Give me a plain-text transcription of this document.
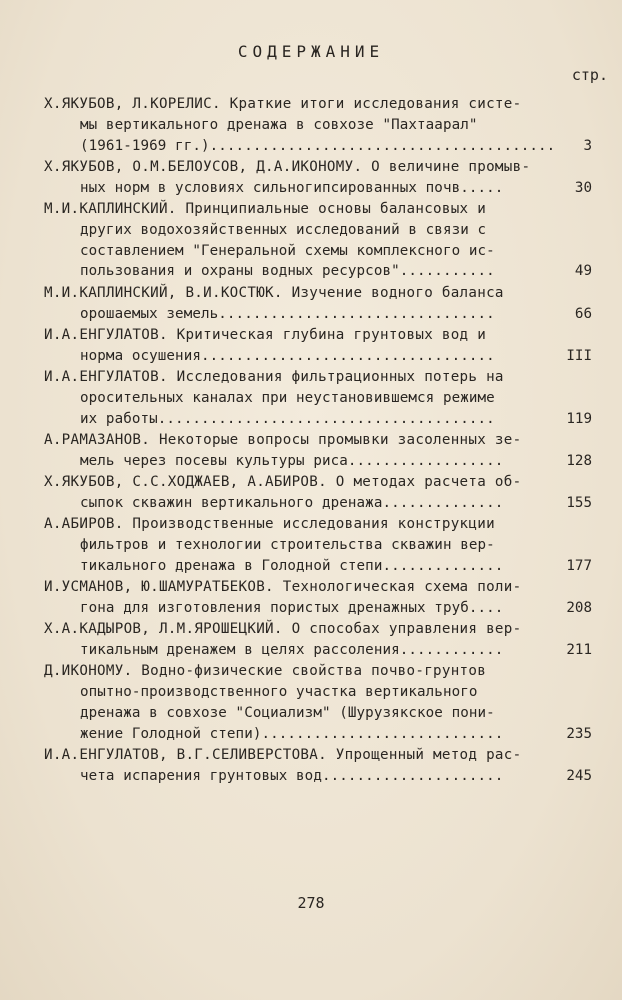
СОДЕРЖАНИЕ
стр.
Х.ЯКУБОВ, Л.КОРЕЛИС. Краткие итоги исследования систе-
мы вертикального дренажа в совхозе "Пахтаарал"
(1961-1969 гг.)........................................ 3
Х.ЯКУБОВ, О.М.БЕЛОУСОВ, Д.А.ИКОНОМУ. О величине промыв-
ных норм в условиях сильногипсированных почв.....	30
М.И.КАПЛИНСКИЙ. Принципиальные основы балансовых и
других водохозяйственных исследований в связи с
составлением "Генеральной схемы комплексного ис-
пользования и охраны водных ресурсов"...........	49
М.И.КАПЛИНСКИЙ, В.И.КОСТЮК. Изучение водного баланса
орошаемых земель................................	66
И.А.ЕНГУЛАТОВ. Критическая глубина грунтовых вод и
норма осушения..................................	III
И.А.ЕНГУЛАТОВ. Исследования фильтрационных потерь на
оросительных каналах при неустановившемся режиме
их работы.......................................	119
А.РАМАЗАНОВ. Некоторые вопросы промывки засоленных зе-
мель через посевы культуры риса..................	128
Х.ЯКУБОВ, С.С.ХОДЖАЕВ, А.АБИРОВ. О методах расчета об-
сыпок скважин вертикального дренажа..............	155
А.АБИРОВ. Производственные исследования конструкции
фильтров и технологии строительства скважин вер-
тикального дренажа в Голодной степи..............	177
И.УСМАНОВ, Ю.ШАМУРАТБЕКОВ. Технологическая схема поли-
гона для изготовления пористых дренажных труб....	208
Х.А.КАДЫРОВ, Л.М.ЯРОШЕЦКИЙ. О способах управления вер-
тикальным дренажем в целях рассоления............	211
Д.ИКОНОМУ. Водно-физические свойства почво-грунтов
опытно-производственного участка вертикального
дренажа в совхозе "Социализм" (Шурузякское пони-
жение Голодной степи)............................	235
И.А.ЕНГУЛАТОВ, В.Г.СЕЛИВЕРСТОВА. Упрощенный метод рас-
чета испарения грунтовых вод.....................	245
278
